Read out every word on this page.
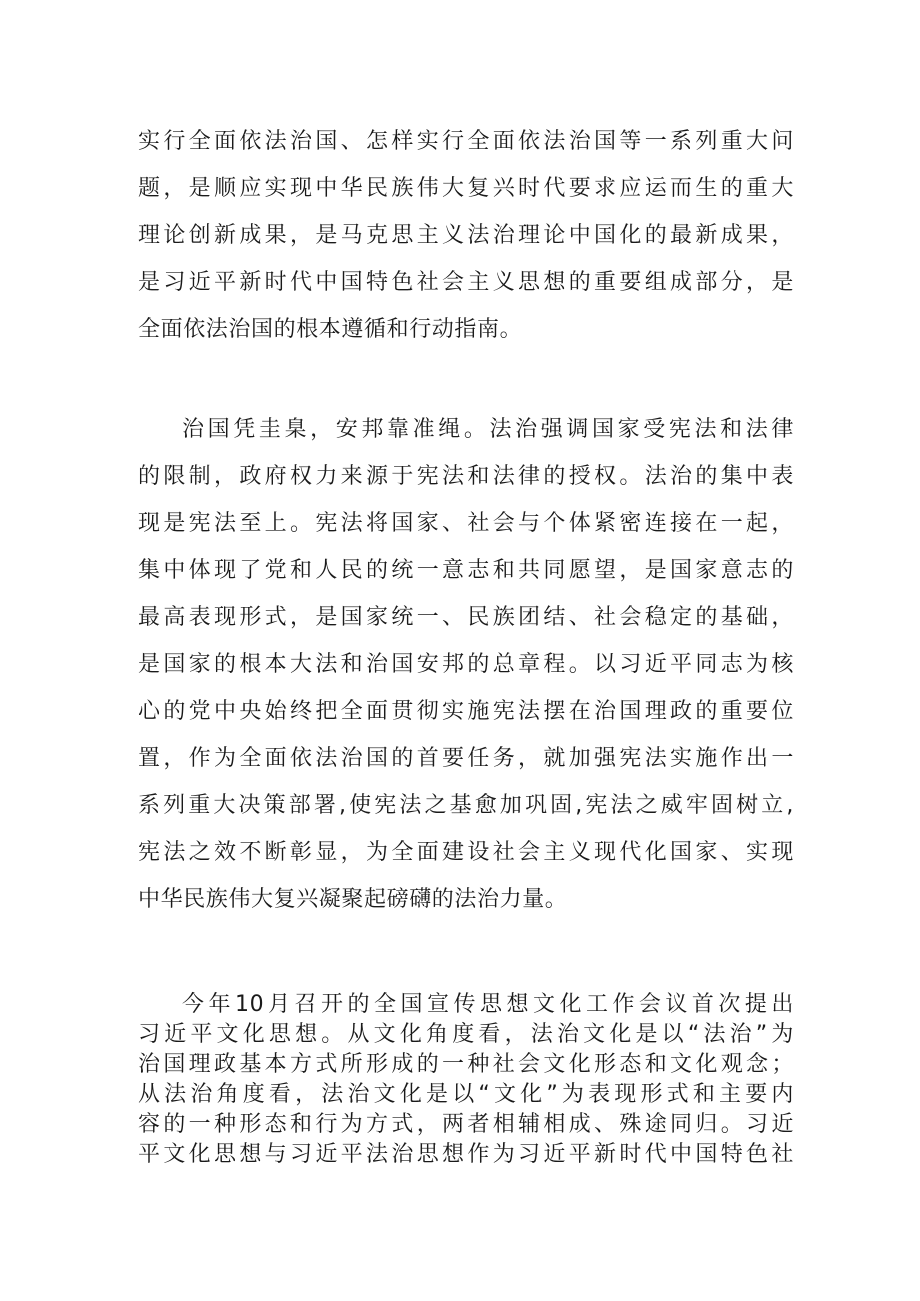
实行全面依法治国、怎样实行全面依法治国等一系列重大问
题，是顺应实现中华民族伟大复兴时代要求应运而生的重大
理论创新成果，是马克思主义法治理论中国化的最新成果，
是习近平新时代中国特色社会主义思想的重要组成部分，是
全面依法治国的根本遵循和行动指南。
治国凭圭臬，安邦靠准绳。法治强调国家受宪法和法律
的限制，政府权力来源于宪法和法律的授权。法治的集中表
现是宪法至上。宪法将国家、社会与个体紧密连接在一起，
集中体现了党和人民的统一意志和共同愿望，是国家意志的
最高表现形式，是国家统一、民族团结、社会稳定的基础，
是国家的根本大法和治国安邦的总章程。以习近平同志为核
心的党中央始终把全面贯彻实施宪法摆在治国理政的重要位
置，作为全面依法治国的首要任务，就加强宪法实施作出一
系列重大决策部署,使宪法之基愈加巩固,宪法之威牢固树立,
宪法之效不断彰显，为全面建设社会主义现代化国家、实现
中华民族伟大复兴凝聚起磅礴的法治力量。
今年10月召开的全国宣传思想文化工作会议首次提出
习近平文化思想。从文化角度看，法治文化是以“法治”为
治国理政基本方式所形成的一种社会文化形态和文化观念；
从法治角度看，法治文化是以“文化”为表现形式和主要内
容的一种形态和行为方式，两者相辅相成、殊途同归。习近
平文化思想与习近平法治思想作为习近平新时代中国特色社
